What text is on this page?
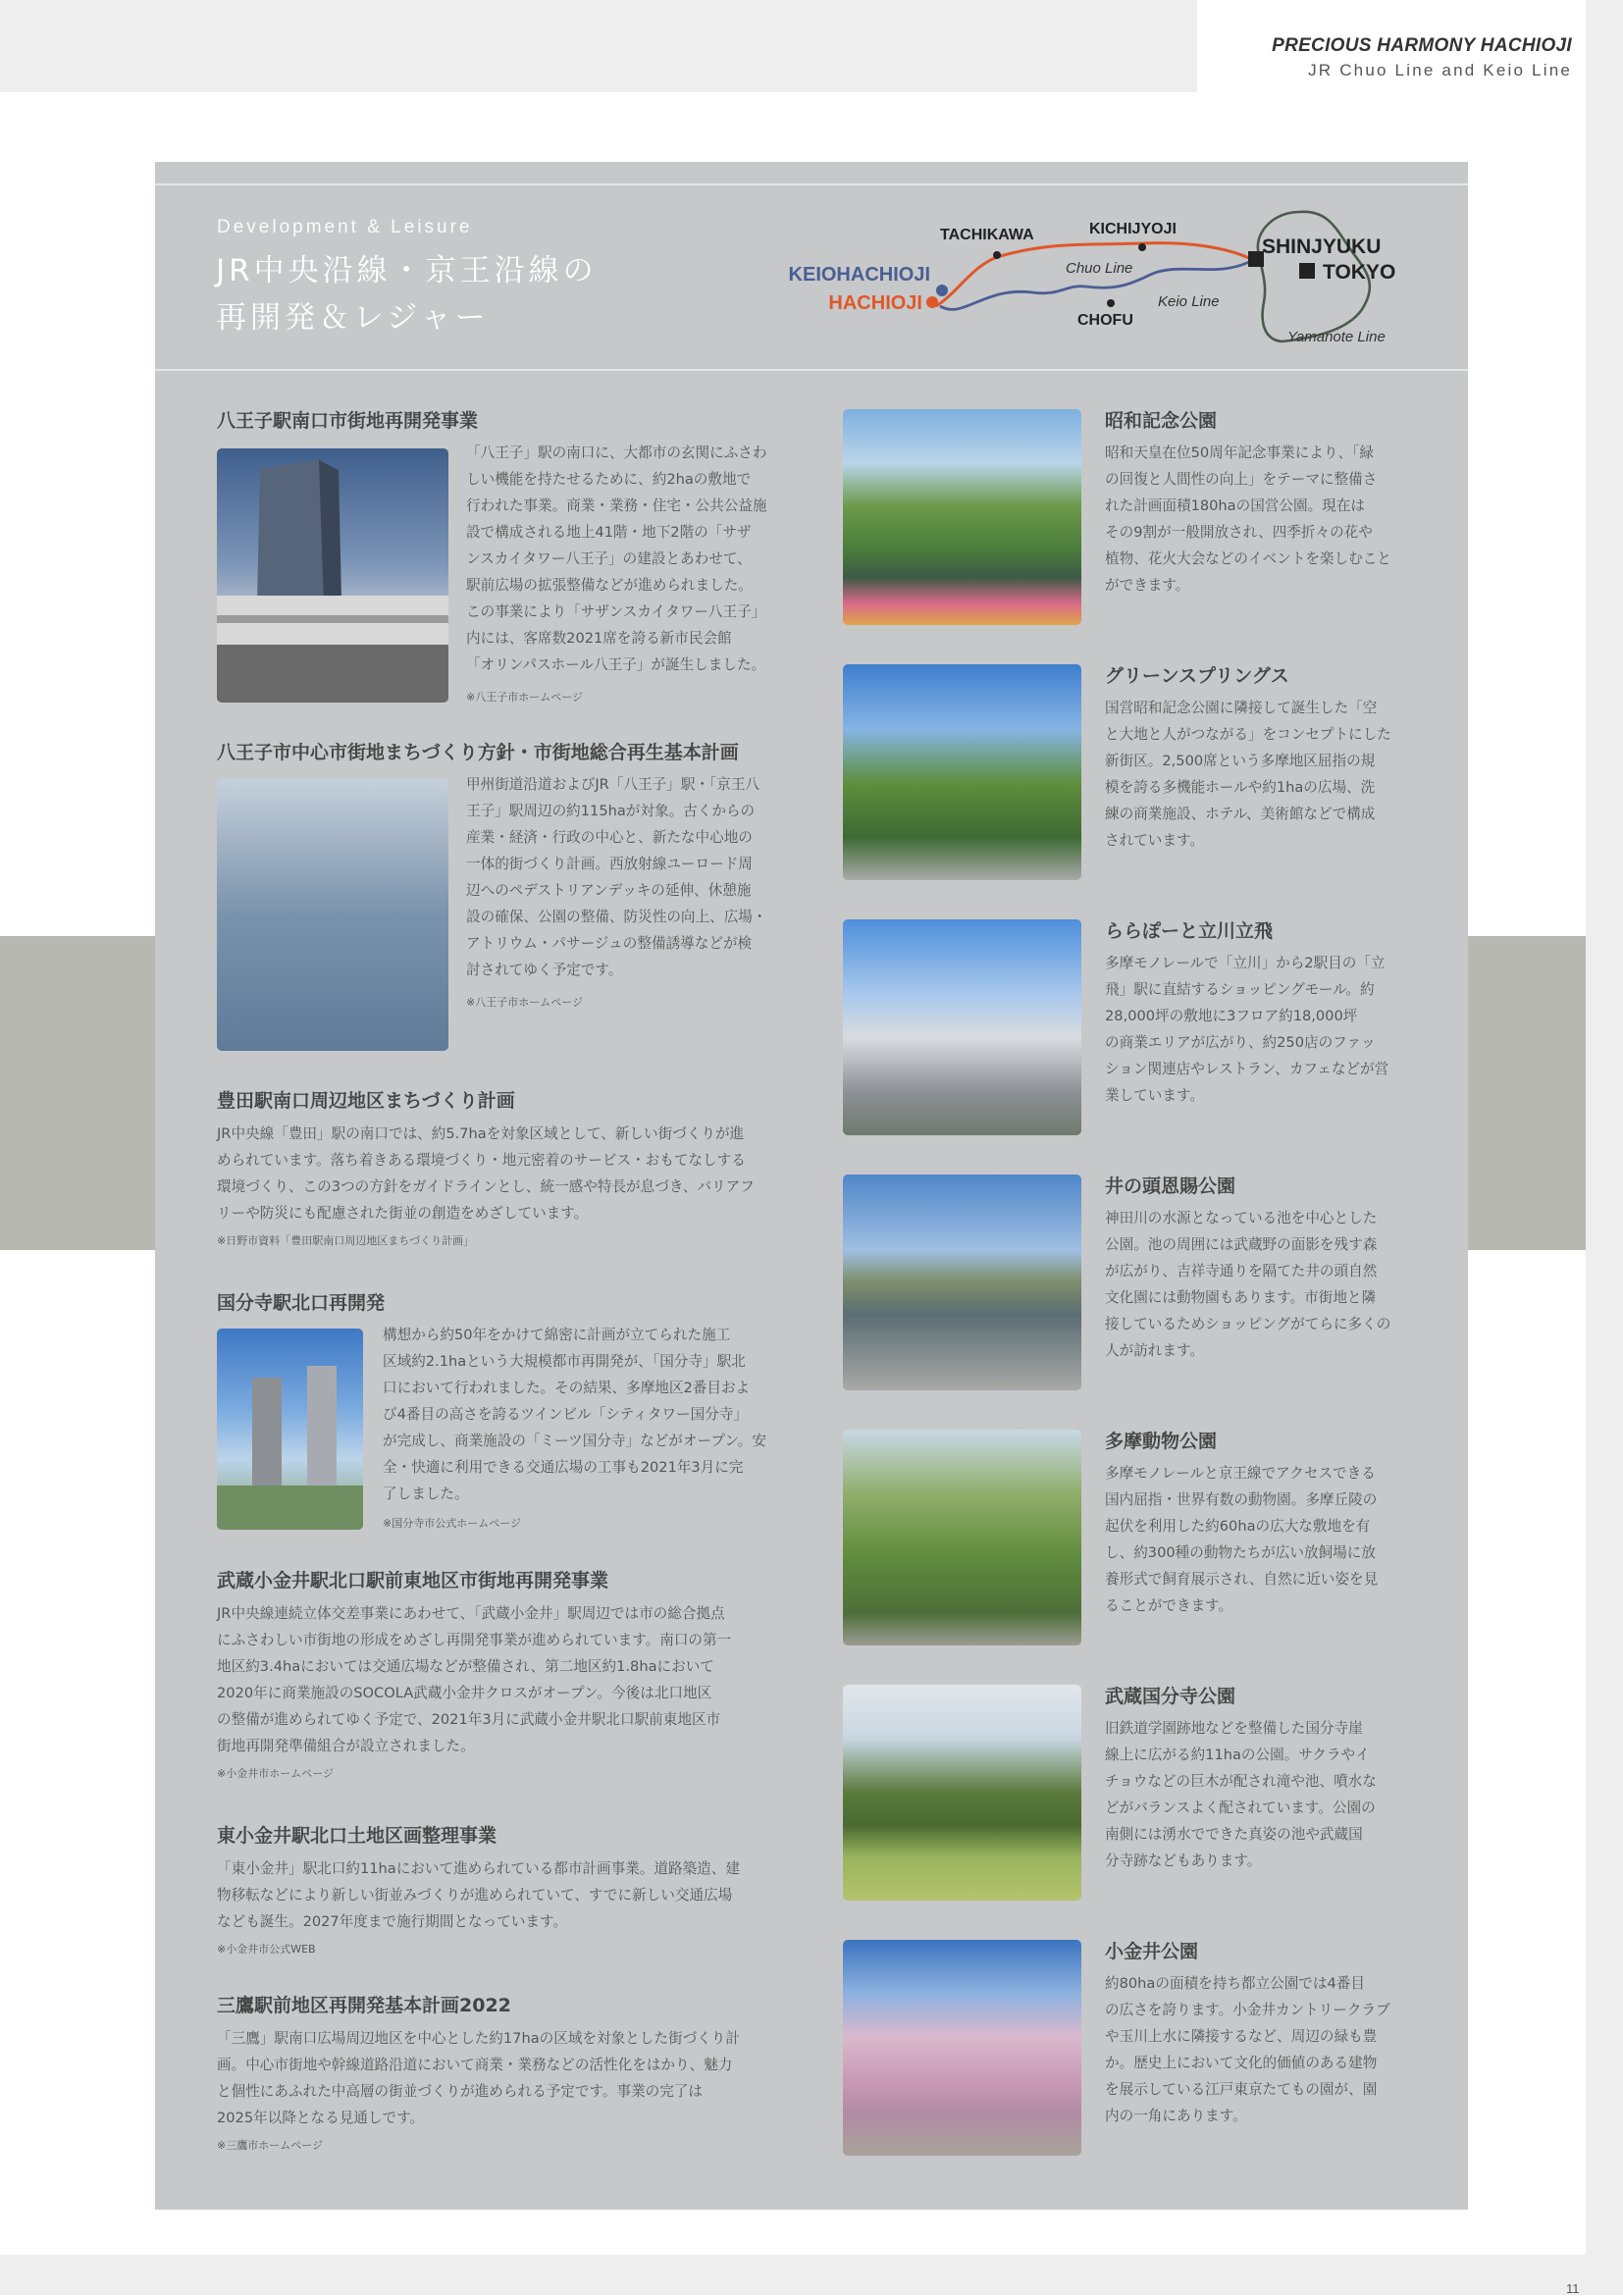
PRECIOUS HARMONY HACHIOJI
JR Chuo Line and Keio Line
Development & Leisure
JR中央沿線・京王沿線の
再開発＆レジャー
KEIOHACHIOJI
HACHIOJI
TACHIKAWA	KICHIJYOJI
Chuo Line
CHOFU
Keio Line
SHINJYUKU
TOKYO
Yamanote Line
八王子駅南口市街地再開発事業
「八王子」駅の南口に、大都市の玄関にふさわ
しい機能を持たせるために、約2haの敷地で
行われた事業。商業・業務・住宅・公共公益施
設で構成される地上41階・地下2階の「サザ
ンスカイタワー八王子」の建設とあわせて、
駅前広場の拡張整備などが進められました。
この事業により「サザンスカイタワー八王子」
内には、客席数2021席を誇る新市民会館
「オリンパスホール八王子」が誕生しました。
※八王子市ホームページ
八王子市中心市街地まちづくり方針・市街地総合再生基本計画
甲州街道沿道およびJR「八王子」駅・「京王八
王子」駅周辺の約115haが対象。古くからの
産業・経済・行政の中心と、新たな中心地の
一体的街づくり計画。西放射線ユーロード周
辺へのペデストリアンデッキの延伸、休憩施
設の確保、公園の整備、防災性の向上、広場・
アトリウム・パサージュの整備誘導などが検
討されてゆく予定です。
※八王子市ホームページ
豊田駅南口周辺地区まちづくり計画
JR中央線「豊田」駅の南口では、約5.7haを対象区域として、新しい街づくりが進
められています。落ち着きある環境づくり・地元密着のサービス・おもてなしする
環境づくり、この3つの方針をガイドラインとし、統一感や特長が息づき、バリアフ
リーや防災にも配慮された街並の創造をめざしています。
※日野市資料「豊田駅南口周辺地区まちづくり計画」
国分寺駅北口再開発
構想から約50年をかけて綿密に計画が立てられた施工
区域約2.1haという大規模都市再開発が、「国分寺」駅北
口において行われました。その結果、多摩地区2番目およ
び4番目の高さを誇るツインビル「シティタワー国分寺」
が完成し、商業施設の「ミーツ国分寺」などがオープン。安
全・快適に利用できる交通広場の工事も2021年3月に完
了しました。
※国分寺市公式ホームページ
武蔵小金井駅北口駅前東地区市街地再開発事業
JR中央線連続立体交差事業にあわせて、「武蔵小金井」駅周辺では市の総合拠点
にふさわしい市街地の形成をめざし再開発事業が進められています。南口の第一
地区約3.4haにおいては交通広場などが整備され、第二地区約1.8haにおいて
2020年に商業施設のSOCOLA武蔵小金井クロスがオープン。今後は北口地区
の整備が進められてゆく予定で、2021年3月に武蔵小金井駅北口駅前東地区市
街地再開発準備組合が設立されました。
※小金井市ホームページ
東小金井駅北口土地区画整理事業
「東小金井」駅北口約11haにおいて進められている都市計画事業。道路築造、建
物移転などにより新しい街並みづくりが進められていて、すでに新しい交通広場
なども誕生。2027年度まで施行期間となっています。
※小金井市公式WEB
三鷹駅前地区再開発基本計画2022
「三鷹」駅南口広場周辺地区を中心とした約17haの区域を対象とした街づくり計
画。中心市街地や幹線道路沿道において商業・業務などの活性化をはかり、魅力
と個性にあふれた中高層の街並づくりが進められる予定です。事業の完了は
2025年以降となる見通しです。
※三鷹市ホームページ
昭和記念公園
昭和天皇在位50周年記念事業により、「緑
の回復と人間性の向上」をテーマに整備さ
れた計画面積180haの国営公園。現在は
その9割が一般開放され、四季折々の花や
植物、花火大会などのイベントを楽しむこと
ができます。
グリーンスプリングス
国営昭和記念公園に隣接して誕生した「空
と大地と人がつながる」をコンセプトにした
新街区。2,500席という多摩地区屈指の規
模を誇る多機能ホールや約1haの広場、洗
練の商業施設、ホテル、美術館などで構成
されています。
ららぽーと立川立飛
多摩モノレールで「立川」から2駅目の「立
飛」駅に直結するショッピングモール。約
28,000坪の敷地に3フロア約18,000坪
の商業エリアが広がり、約250店のファッ
ション関連店やレストラン、カフェなどが営
業しています。
井の頭恩賜公園
神田川の水源となっている池を中心とした
公園。池の周囲には武蔵野の面影を残す森
が広がり、吉祥寺通りを隔てた井の頭自然
文化園には動物園もあります。市街地と隣
接しているためショッピングがてらに多くの
人が訪れます。
多摩動物公園
多摩モノレールと京王線でアクセスできる
国内屈指・世界有数の動物園。多摩丘陵の
起伏を利用した約60haの広大な敷地を有
し、約300種の動物たちが広い放飼場に放
養形式で飼育展示され、自然に近い姿を見
ることができます。
武蔵国分寺公園
旧鉄道学園跡地などを整備した国分寺崖
線上に広がる約11haの公園。サクラやイ
チョウなどの巨木が配され滝や池、噴水な
どがバランスよく配されています。公園の
南側には湧水でできた真姿の池や武蔵国
分寺跡などもあります。
小金井公園
約80haの面積を持ち都立公園では4番目
の広さを誇ります。小金井カントリークラブ
や玉川上水に隣接するなど、周辺の緑も豊
か。歴史上において文化的価値のある建物
を展示している江戸東京たてもの園が、園
内の一角にあります。
11
